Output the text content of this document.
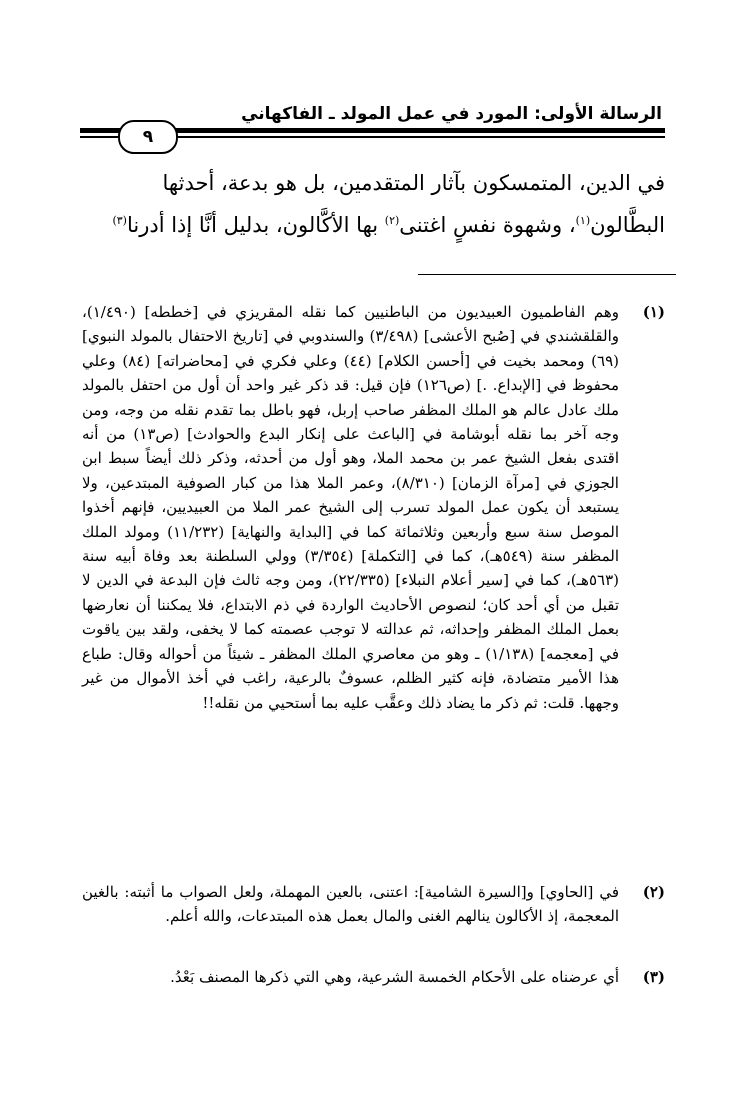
الرسالة الأولى: المورد في عمل المولد ـ الفاكهاني
٩

في الدين، المتمسكون بآثار المتقدمين، بل هو بدعة، أحدثها

البطَّالون$^{(١)}$، وشهوة نفسٍ اغتنى$^{(٢)}$ بها الأكَّالون، بدليل أنَّا إذا أدرنا$^{(٣)}$

(١)
وهم الفاطميون العبيديون من الباطنيين كما نقله المقريزي في [خططه] (١/٤٩٠)، والقلقشندي في [صُبح الأعشى] (٣/٤٩٨) والسندوبي في [تاريخ الاحتفال بالمولد النبوي] (٦٩) ومحمد بخيت في [أحسن الكلام] (٤٤) وعلي فكري في [محاضراته] (٨٤) وعلي محفوظ في [الإبداع. .] (ص١٢٦) فإن قيل: قد ذكر غير واحد أن أول من احتفل بالمولد ملك عادل عالم هو الملك المظفر صاحب إربل، فهو باطل بما تقدم نقله من وجه، ومن وجه آخر بما نقله أبوشامة في [الباعث على إنكار البدع والحوادث] (ص١٣) من أنه اقتدى بفعل الشيخ عمر بن محمد الملا، وهو أول من أحدثه، وذكر ذلك أيضاً سبط ابن الجوزي في [مرآة الزمان] (٨/٣١٠)، وعمر الملا هذا من كبار الصوفية المبتدعين، ولا يستبعد أن يكون عمل المولد تسرب إلى الشيخ عمر الملا من العبيديين، فإنهم أخذوا الموصل سنة سبع وأربعين وثلاثمائة كما في [البداية والنهاية] (١١/٢٣٢) ومولد الملك المظفر سنة (٥٤٩هـ)، كما في [التكملة] (٣/٣٥٤) وولي السلطنة بعد وفاة أبيه سنة (٥٦٣هـ)، كما في [سير أعلام النبلاء] (٢٢/٣٣٥)، ومن وجه ثالث فإن البدعة في الدين لا تقبل من أي أحد كان؛ لنصوص الأحاديث الواردة في ذم الابتداع، فلا يمكننا أن نعارضها بعمل الملك المظفر وإحداثه، ثم عدالته لا توجب عصمته كما لا يخفى، ولقد بين ياقوت في [معجمه] (١/١٣٨) ـ وهو من معاصري الملك المظفر ـ شيئاً من أحواله وقال: طباع هذا الأمير متضادة، فإنه كثير الظلم، عسوفٌ بالرعية، راغب في أخذ الأموال من غير وجهها. قلت: ثم ذكر ما يضاد ذلك وعقَّب عليه بما أستحيي من نقله!!
(٢)
في [الحاوي] و[السيرة الشامية]: اعتنى، بالعين المهملة، ولعل الصواب ما أثبته: بالغين المعجمة، إذ الأكالون ينالهم الغنى والمال بعمل هذه المبتدعات، والله أعلم.
(٣)
أي عرضناه على الأحكام الخمسة الشرعية، وهي التي ذكرها المصنف بَعْدُ.
